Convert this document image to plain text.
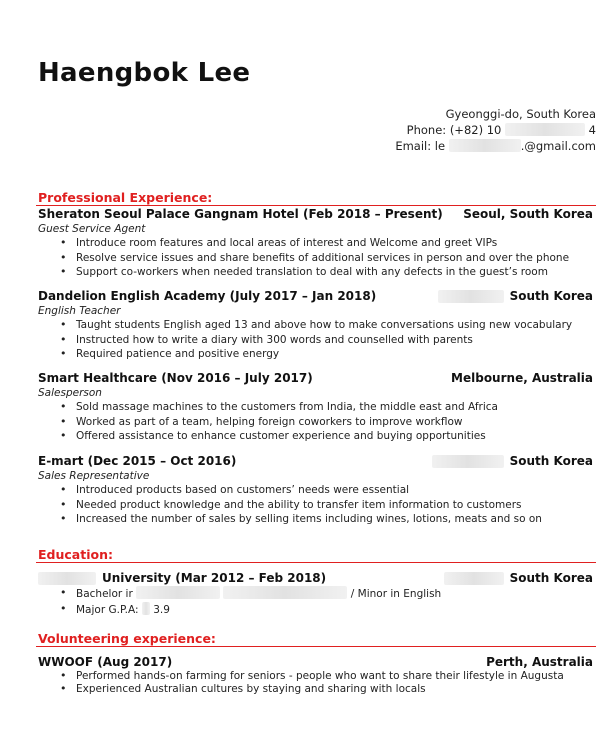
Haengbok Lee
Gyeonggi-do, South Korea
Phone: (+82) 10	4
Email: le	.@gmail.com
Professional Experience:
Sheraton Seoul Palace Gangnam Hotel (Feb 2018 – Present) Seoul, South Korea
Guest Service Agent
• Introduce room features and local areas of interest and Welcome and greet VIPs
• Resolve service issues and share benefits of additional services in person and over the phone
• Support co-workers when needed translation to deal with any defects in the guest’s room
Dandelion English Academy (July 2017 – Jan 2018)	South Korea
English Teacher
• Taught students English aged 13 and above how to make conversations using new vocabulary
• Instructed how to write a diary with 300 words and counselled with parents
• Required patience and positive energy
Smart Healthcare (Nov 2016 – July 2017)	Melbourne, Australia
Salesperson
• Sold massage machines to the customers from India, the middle east and Africa
• Worked as part of a team, helping foreign coworkers to improve workflow
• Offered assistance to enhance customer experience and buying opportunities
E-mart (Dec 2015 – Oct 2016)	South Korea
Sales Representative
• Introduced products based on customers’ needs were essential
• Needed product knowledge and the ability to transfer item information to customers
• Increased the number of sales by selling items including wines, lotions, meats and so on
Education:
University (Mar 2012 – Feb 2018)	South Korea
• Bachelor ir	/ Minor in English
• Major G.P.A: 3.9
Volunteering experience:
WWOOF (Aug 2017)	Perth, Australia
• Performed hands-on farming for seniors - people who want to share their lifestyle in Augusta
• Experienced Australian cultures by staying and sharing with locals
